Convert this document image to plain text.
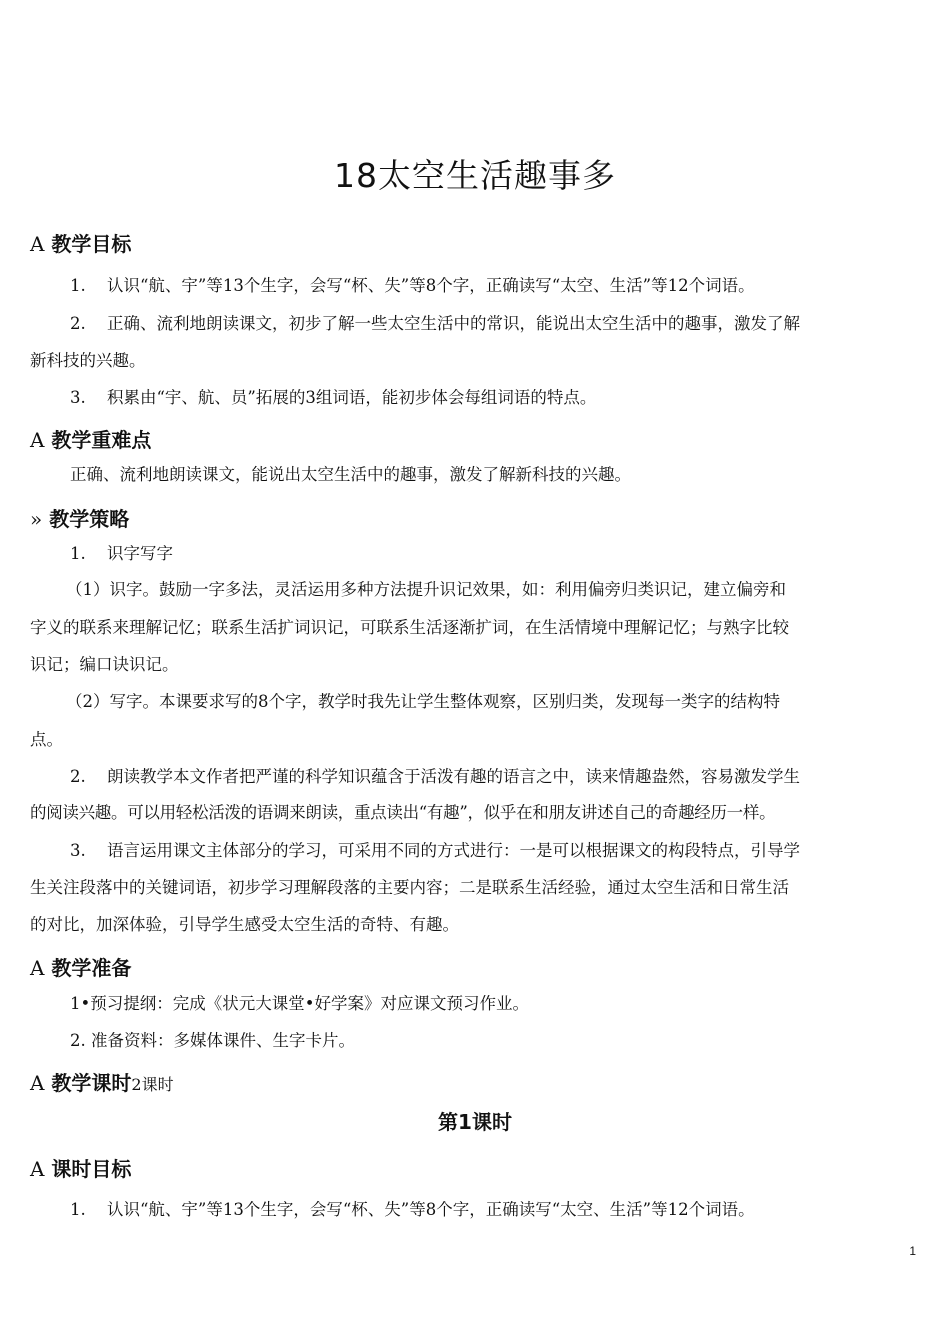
18太空生活趣事多
A 教学目标
1. 认识“航、宇”等13个生字，会写“杯、失”等8个字，正确读写“太空、生活”等12个词语。
2. 正确、流利地朗读课文，初步了解一些太空生活中的常识，能说出太空生活中的趣事，激发了解
新科技的兴趣。
3. 积累由“宇、航、员”拓展的3组词语，能初步体会每组词语的特点。
A 教学重难点
正确、流利地朗读课文，能说出太空生活中的趣事，激发了解新科技的兴趣。
» 教学策略
1. 识字写字
（1）识字。鼓励一字多法，灵活运用多种方法提升识记效果，如：利用偏旁归类识记，建立偏旁和
字义的联系来理解记忆；联系生活扩词识记，可联系生活逐渐扩词，在生活情境中理解记忆；与熟字比较
识记；编口诀识记。
（2）写字。本课要求写的8个字，教学时我先让学生整体观察，区别归类，发现每一类字的结构特
点。
2. 朗读教学本文作者把严谨的科学知识蕴含于活泼有趣的语言之中，读来情趣盎然，容易激发学生
的阅读兴趣。可以用轻松活泼的语调来朗读，重点读出“有趣”，似乎在和朋友讲述自己的奇趣经历一样。
3. 语言运用课文主体部分的学习，可采用不同的方式进行：一是可以根据课文的构段特点，引导学
生关注段落中的关键词语，初步学习理解段落的主要内容；二是联系生活经验，通过太空生活和日常生活
的对比，加深体验，引导学生感受太空生活的奇特、有趣。
A 教学准备
1•预习提纲：完成《状元大课堂•好学案》对应课文预习作业。
2. 准备资料：多媒体课件、生字卡片。
A 教学课时2课时
第1课时
A 课时目标
1. 认识“航、宇”等13个生字，会写“杯、失”等8个字，正确读写“太空、生活”等12个词语。
1
